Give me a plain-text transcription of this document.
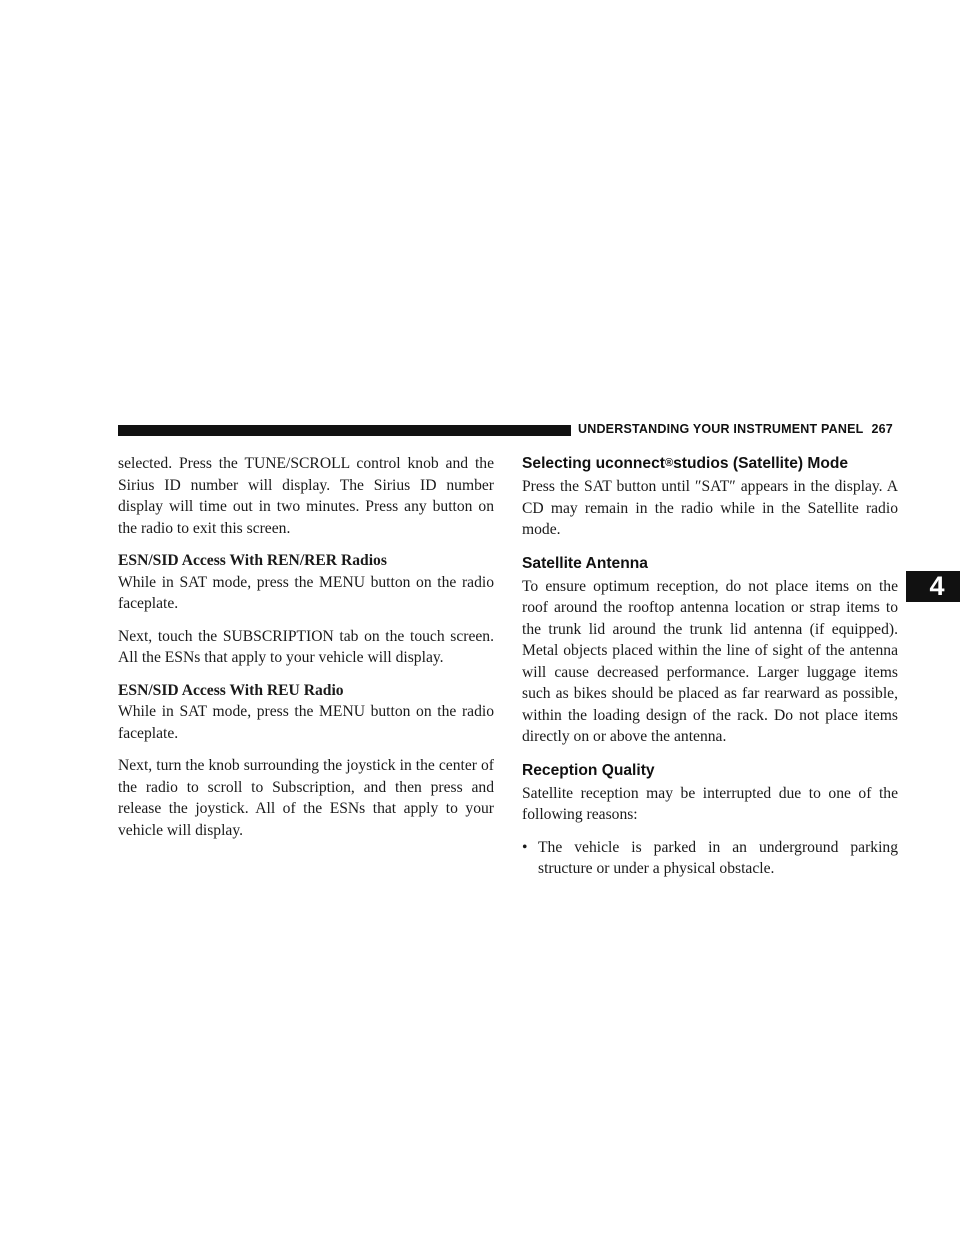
UNDERSTANDING YOUR INSTRUMENT PANEL 267
4

selected. Press the TUNE/SCROLL control knob and the Sirius ID number will display. The Sirius ID number display will time out in two minutes. Press any button on the radio to exit this screen.

ESN/SID Access With REN/RER Radios

While in SAT mode, press the MENU button on the radio faceplate.

Next, touch the SUBSCRIPTION tab on the touch screen. All the ESNs that apply to your vehicle will display.

ESN/SID Access With REU Radio

While in SAT mode, press the MENU button on the radio faceplate.

Next, turn the knob surrounding the joystick in the center of the radio to scroll to Subscription, and then press and release the joystick. All of the ESNs that apply to your vehicle will display.

Selecting uconnect®studios (Satellite) Mode

Press the SAT button until ″SAT″ appears in the display. A CD may remain in the radio while in the Satellite radio mode.

Satellite Antenna

To ensure optimum reception, do not place items on the roof around the rooftop antenna location or strap items to the trunk lid around the trunk lid antenna (if equipped). Metal objects placed within the line of sight of the antenna will cause decreased performance. Larger luggage items such as bikes should be placed as far rearward as possible, within the loading design of the rack. Do not place items directly on or above the antenna.

Reception Quality

Satellite reception may be interrupted due to one of the following reasons:

• The vehicle is parked in an underground parking structure or under a physical obstacle.
